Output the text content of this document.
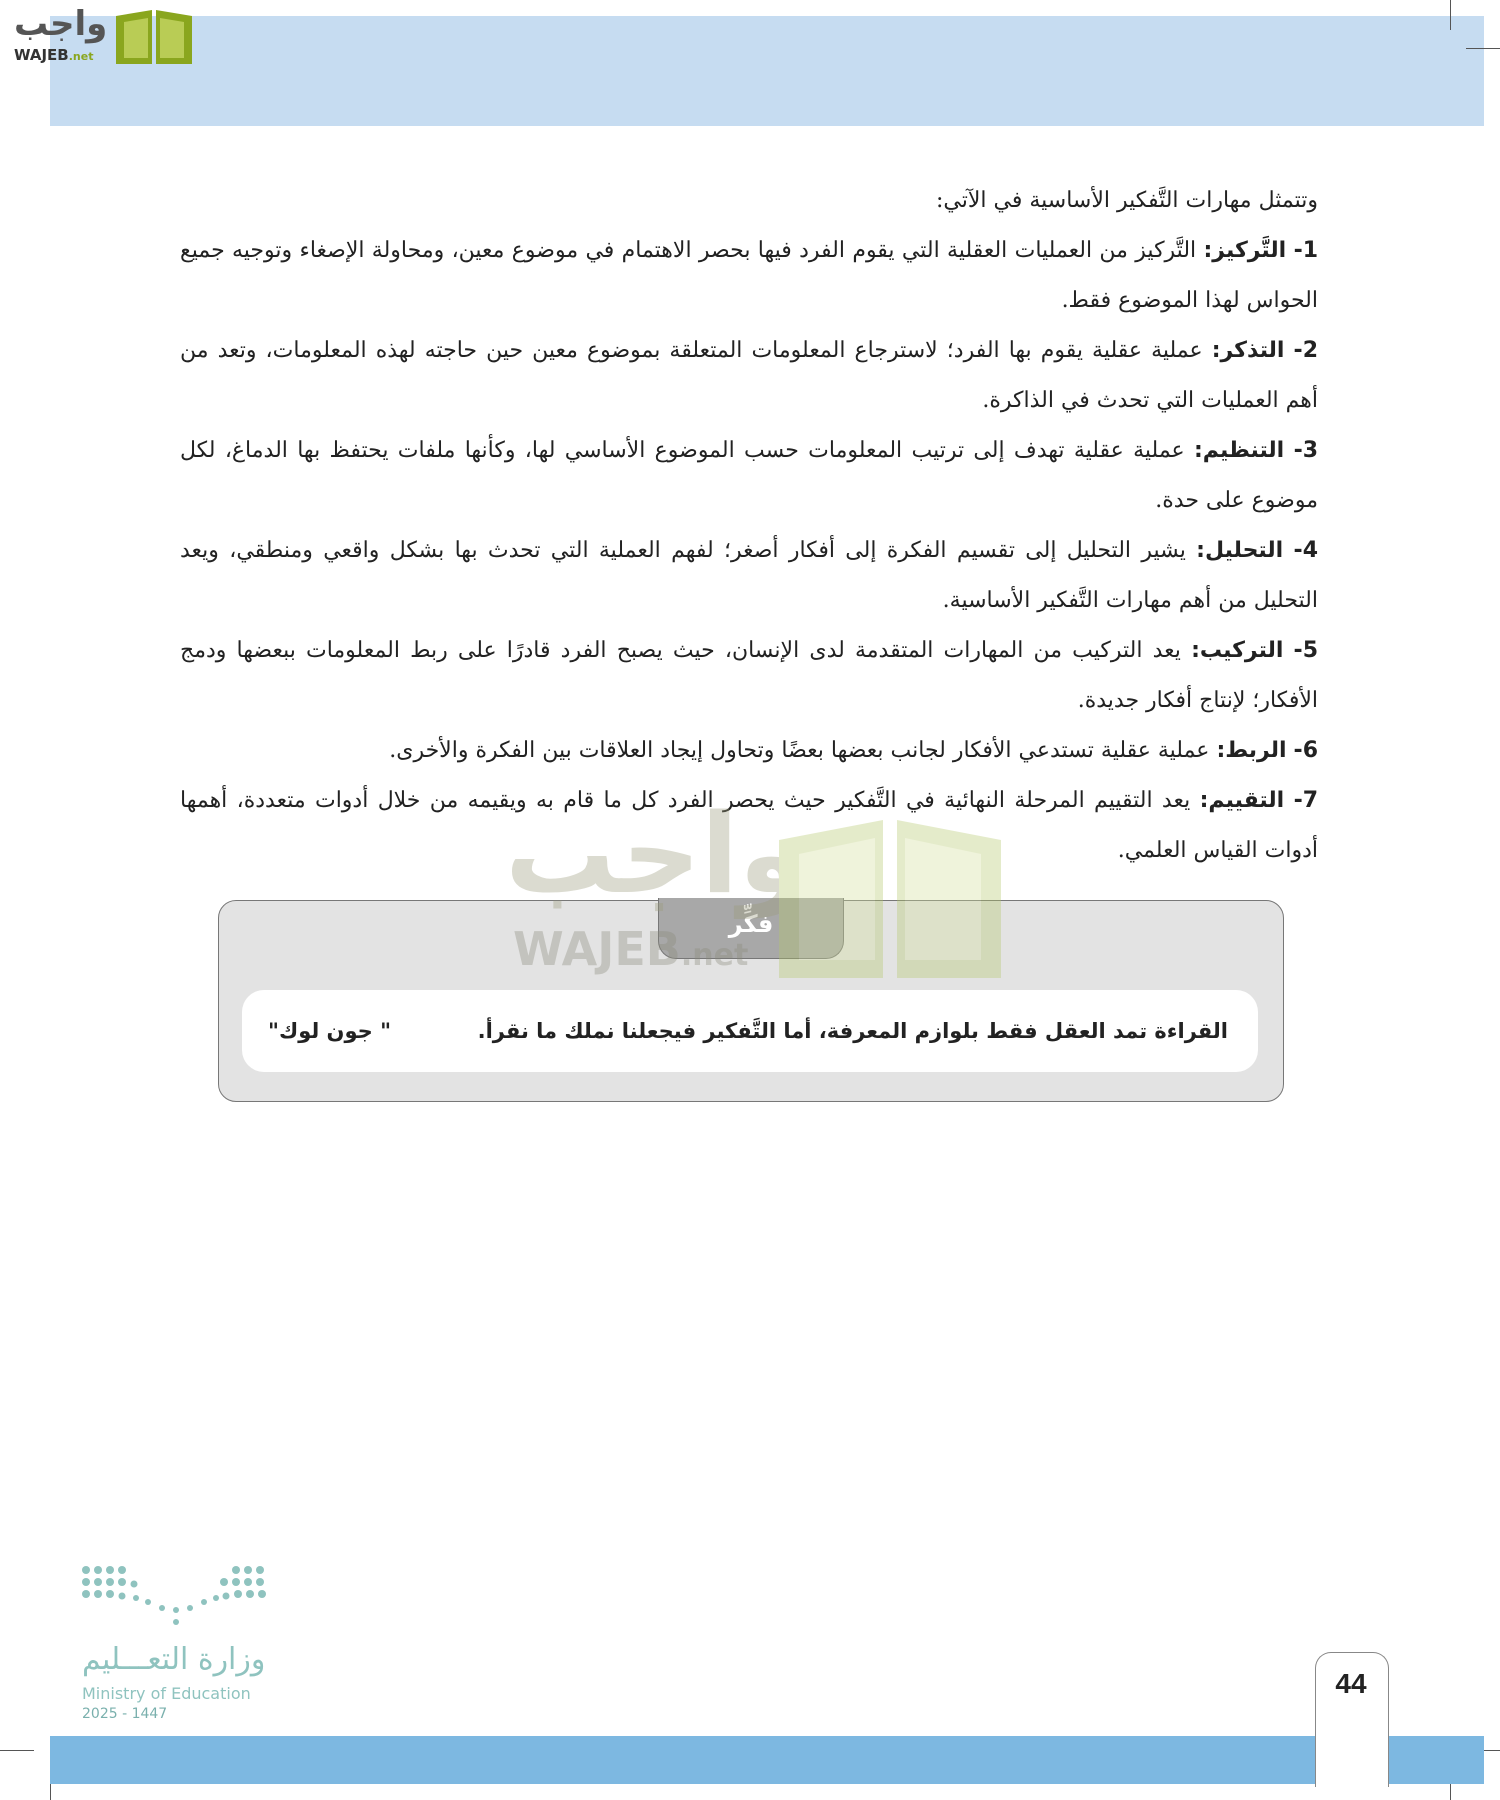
واجب
WAJEB.net

وتتمثل مهارات التَّفكير الأساسية في الآتي:

1- التَّركيز: التَّركيز من العمليات العقلية التي يقوم الفرد فيها بحصر الاهتمام في موضوع معين، ومحاولة الإصغاء وتوجيه جميع الحواس لهذا الموضوع فقط.

2- التذكر: عملية عقلية يقوم بها الفرد؛ لاسترجاع المعلومات المتعلقة بموضوع معين حين حاجته لهذه المعلومات، وتعد من أهم العمليات التي تحدث في الذاكرة.

3- التنظيم: عملية عقلية تهدف إلى ترتيب المعلومات حسب الموضوع الأساسي لها، وكأنها ملفات يحتفظ بها الدماغ، لكل موضوع على حدة.

4- التحليل: يشير التحليل إلى تقسيم الفكرة إلى أفكار أصغر؛ لفهم العملية التي تحدث بها بشكل واقعي ومنطقي، ويعد التحليل من أهم مهارات التَّفكير الأساسية.

5- التركيب: يعد التركيب من المهارات المتقدمة لدى الإنسان، حيث يصبح الفرد قادرًا على ربط المعلومات ببعضها ودمج الأفكار؛ لإنتاج أفكار جديدة.

6- الربط: عملية عقلية تستدعي الأفكار لجانب بعضها بعضًا وتحاول إيجاد العلاقات بين الفكرة والأخرى.

7- التقييم: يعد التقييم المرحلة النهائية في التَّفكير حيث يحصر الفرد كل ما قام به ويقيمه من خلال أدوات متعددة، أهمها أدوات القياس العلمي.

فكِّر
القراءة تمد العقل فقط بلوازم المعرفة، أما التَّفكير فيجعلنا نملك ما نقرأ.
" جون لوك"
واجب
WAJEB.net
وزارة التعـــليم
Ministry of Education
2025 - 1447
44
